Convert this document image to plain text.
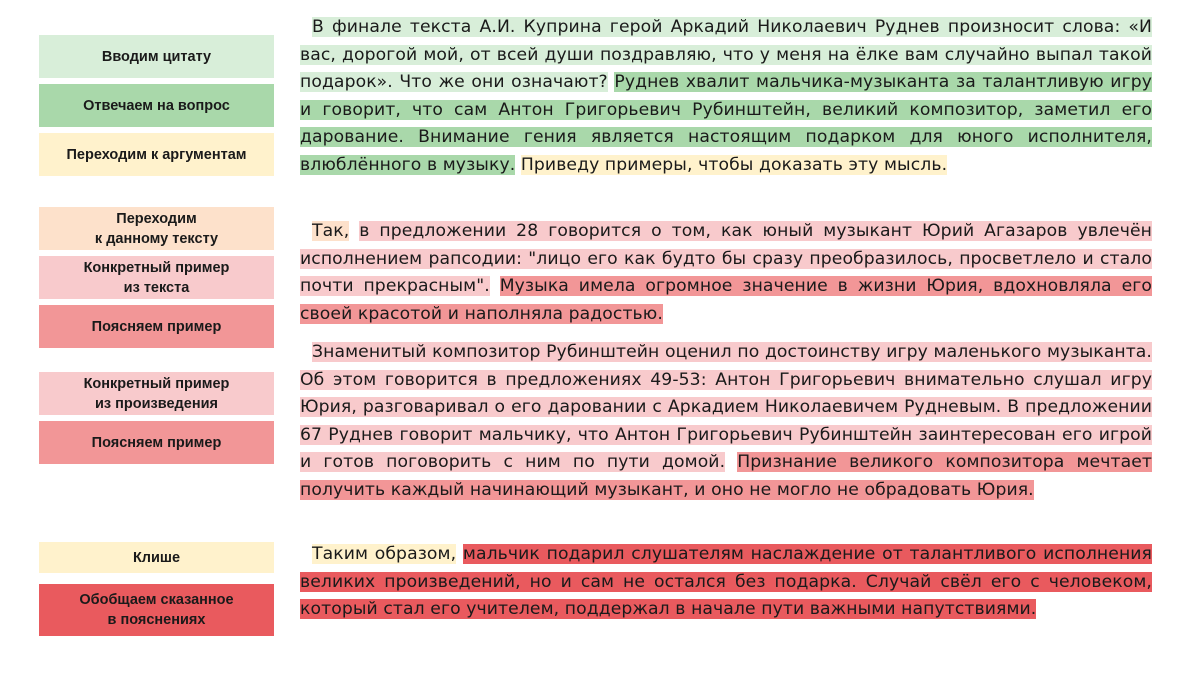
Вводим цитату
Отвечаем на вопрос
Переходим к аргументам
Переходим
к данному тексту
Конкретный пример
из текста
Поясняем пример
Конкретный пример
из произведения
Поясняем пример
Клише
Обобщаем сказанное
в пояснениях

В финале текста А.И. Куприна герой Аркадий Николаевич Руднев произносит слова: «И вас, дорогой мой, от всей души поздравляю, что у меня на ёлке вам случайно выпал такой подарок». Что же они означают? Руднев хвалит мальчика-музыканта за талантливую игру и говорит, что сам Антон Григорьевич Рубинштейн, великий композитор, заметил его дарование. Внимание гения является настоящим подарком для юного исполнителя, влюблённого в музыку. Приведу примеры, чтобы доказать эту мысль.

Так, в предложении 28 говорится о том, как юный музыкант Юрий Агазаров увлечён исполнением рапсодии: "лицо его как будто бы сразу преобразилось, просветлело и стало почти прекрасным". Музыка имела огромное значение в жизни Юрия, вдохновляла его своей красотой и наполняла радостью.

Знаменитый композитор Рубинштейн оценил по достоинству игру маленького музыканта. Об этом говорится в предложениях 49-53: Антон Григорьевич внимательно слушал игру Юрия, разговаривал о его даровании с Аркадием Николаевичем Рудневым. В предложении 67 Руднев говорит мальчику, что Антон Григорьевич Рубинштейн заинтересован его игрой и готов поговорить с ним по пути домой. Признание великого композитора мечтает получить каждый начинающий музыкант, и оно не могло не обрадовать Юрия.

Таким образом, мальчик подарил слушателям наслаждение от талантливого исполнения великих произведений, но и сам не остался без подарка. Случай свёл его с человеком, который стал его учителем, поддержал в начале пути важными напутствиями.
